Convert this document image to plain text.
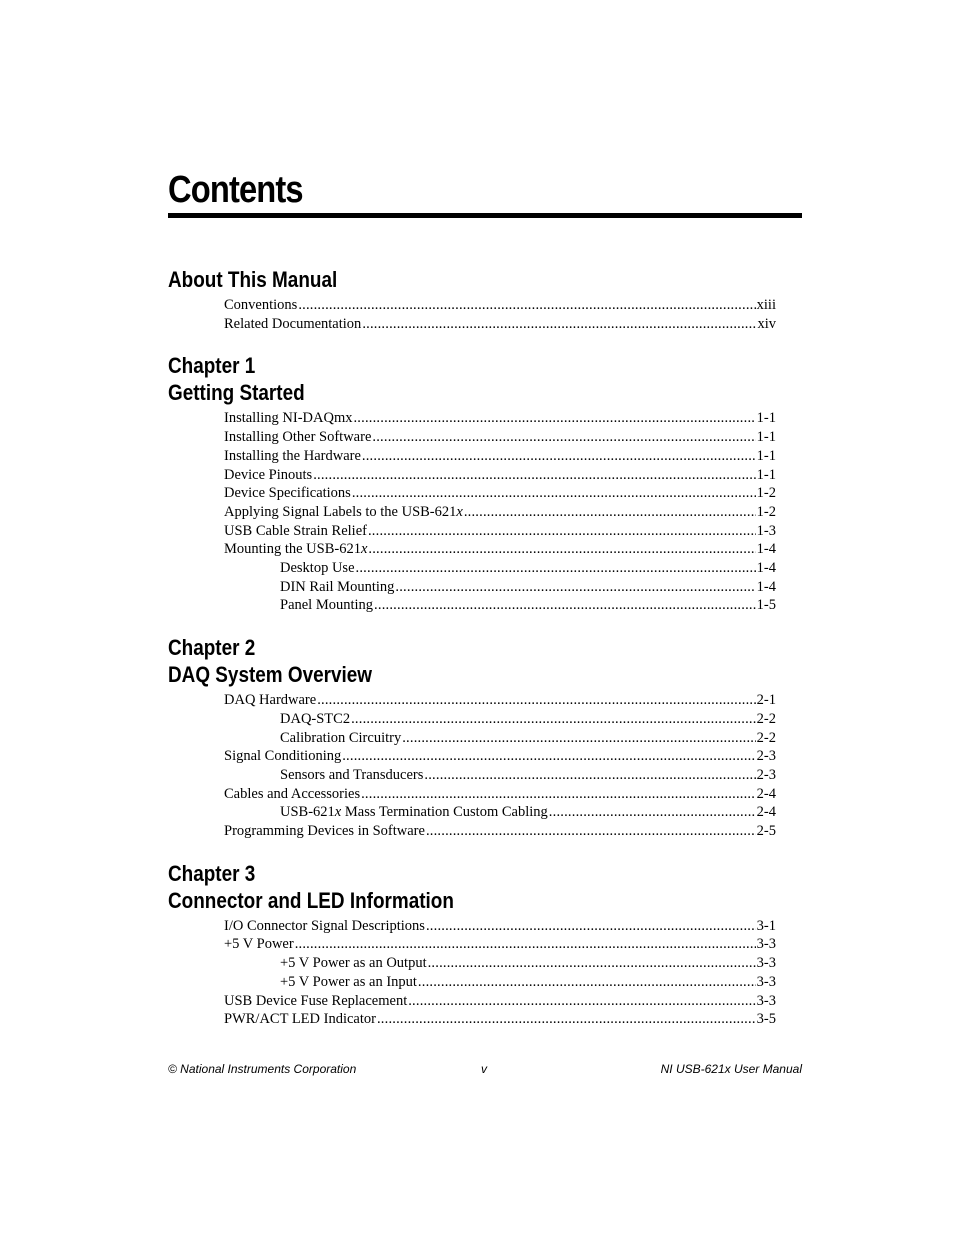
Contents
About This Manual
Conventions .....	xiii
Related Documentation .....	xiv
Chapter 1
Getting Started
Installing NI-DAQmx .....	1-1
Installing Other Software .....	1-1
Installing the Hardware .....	1-1
Device Pinouts .....	1-1
Device Specifications .....	1-2
Applying Signal Labels to the USB-621x .....	1-2
USB Cable Strain Relief .....	1-3
Mounting the USB-621x .....	1-4
Desktop Use .....	1-4
DIN Rail Mounting .....	1-4
Panel Mounting .....	1-5
Chapter 2
DAQ System Overview
DAQ Hardware .....	2-1
DAQ-STC2 .....	2-2
Calibration Circuitry .....	2-2
Signal Conditioning .....	2-3
Sensors and Transducers .....	2-3
Cables and Accessories .....	2-4
USB-621x Mass Termination Custom Cabling .....	2-4
Programming Devices in Software .....	2-5
Chapter 3
Connector and LED Information
I/O Connector Signal Descriptions .....	3-1
+5 V Power .....	3-3
+5 V Power as an Output .....	3-3
+5 V Power as an Input .....	3-3
USB Device Fuse Replacement .....	3-3
PWR/ACT LED Indicator .....	3-5
© National Instruments Corporation	v	NI USB-621x User Manual
